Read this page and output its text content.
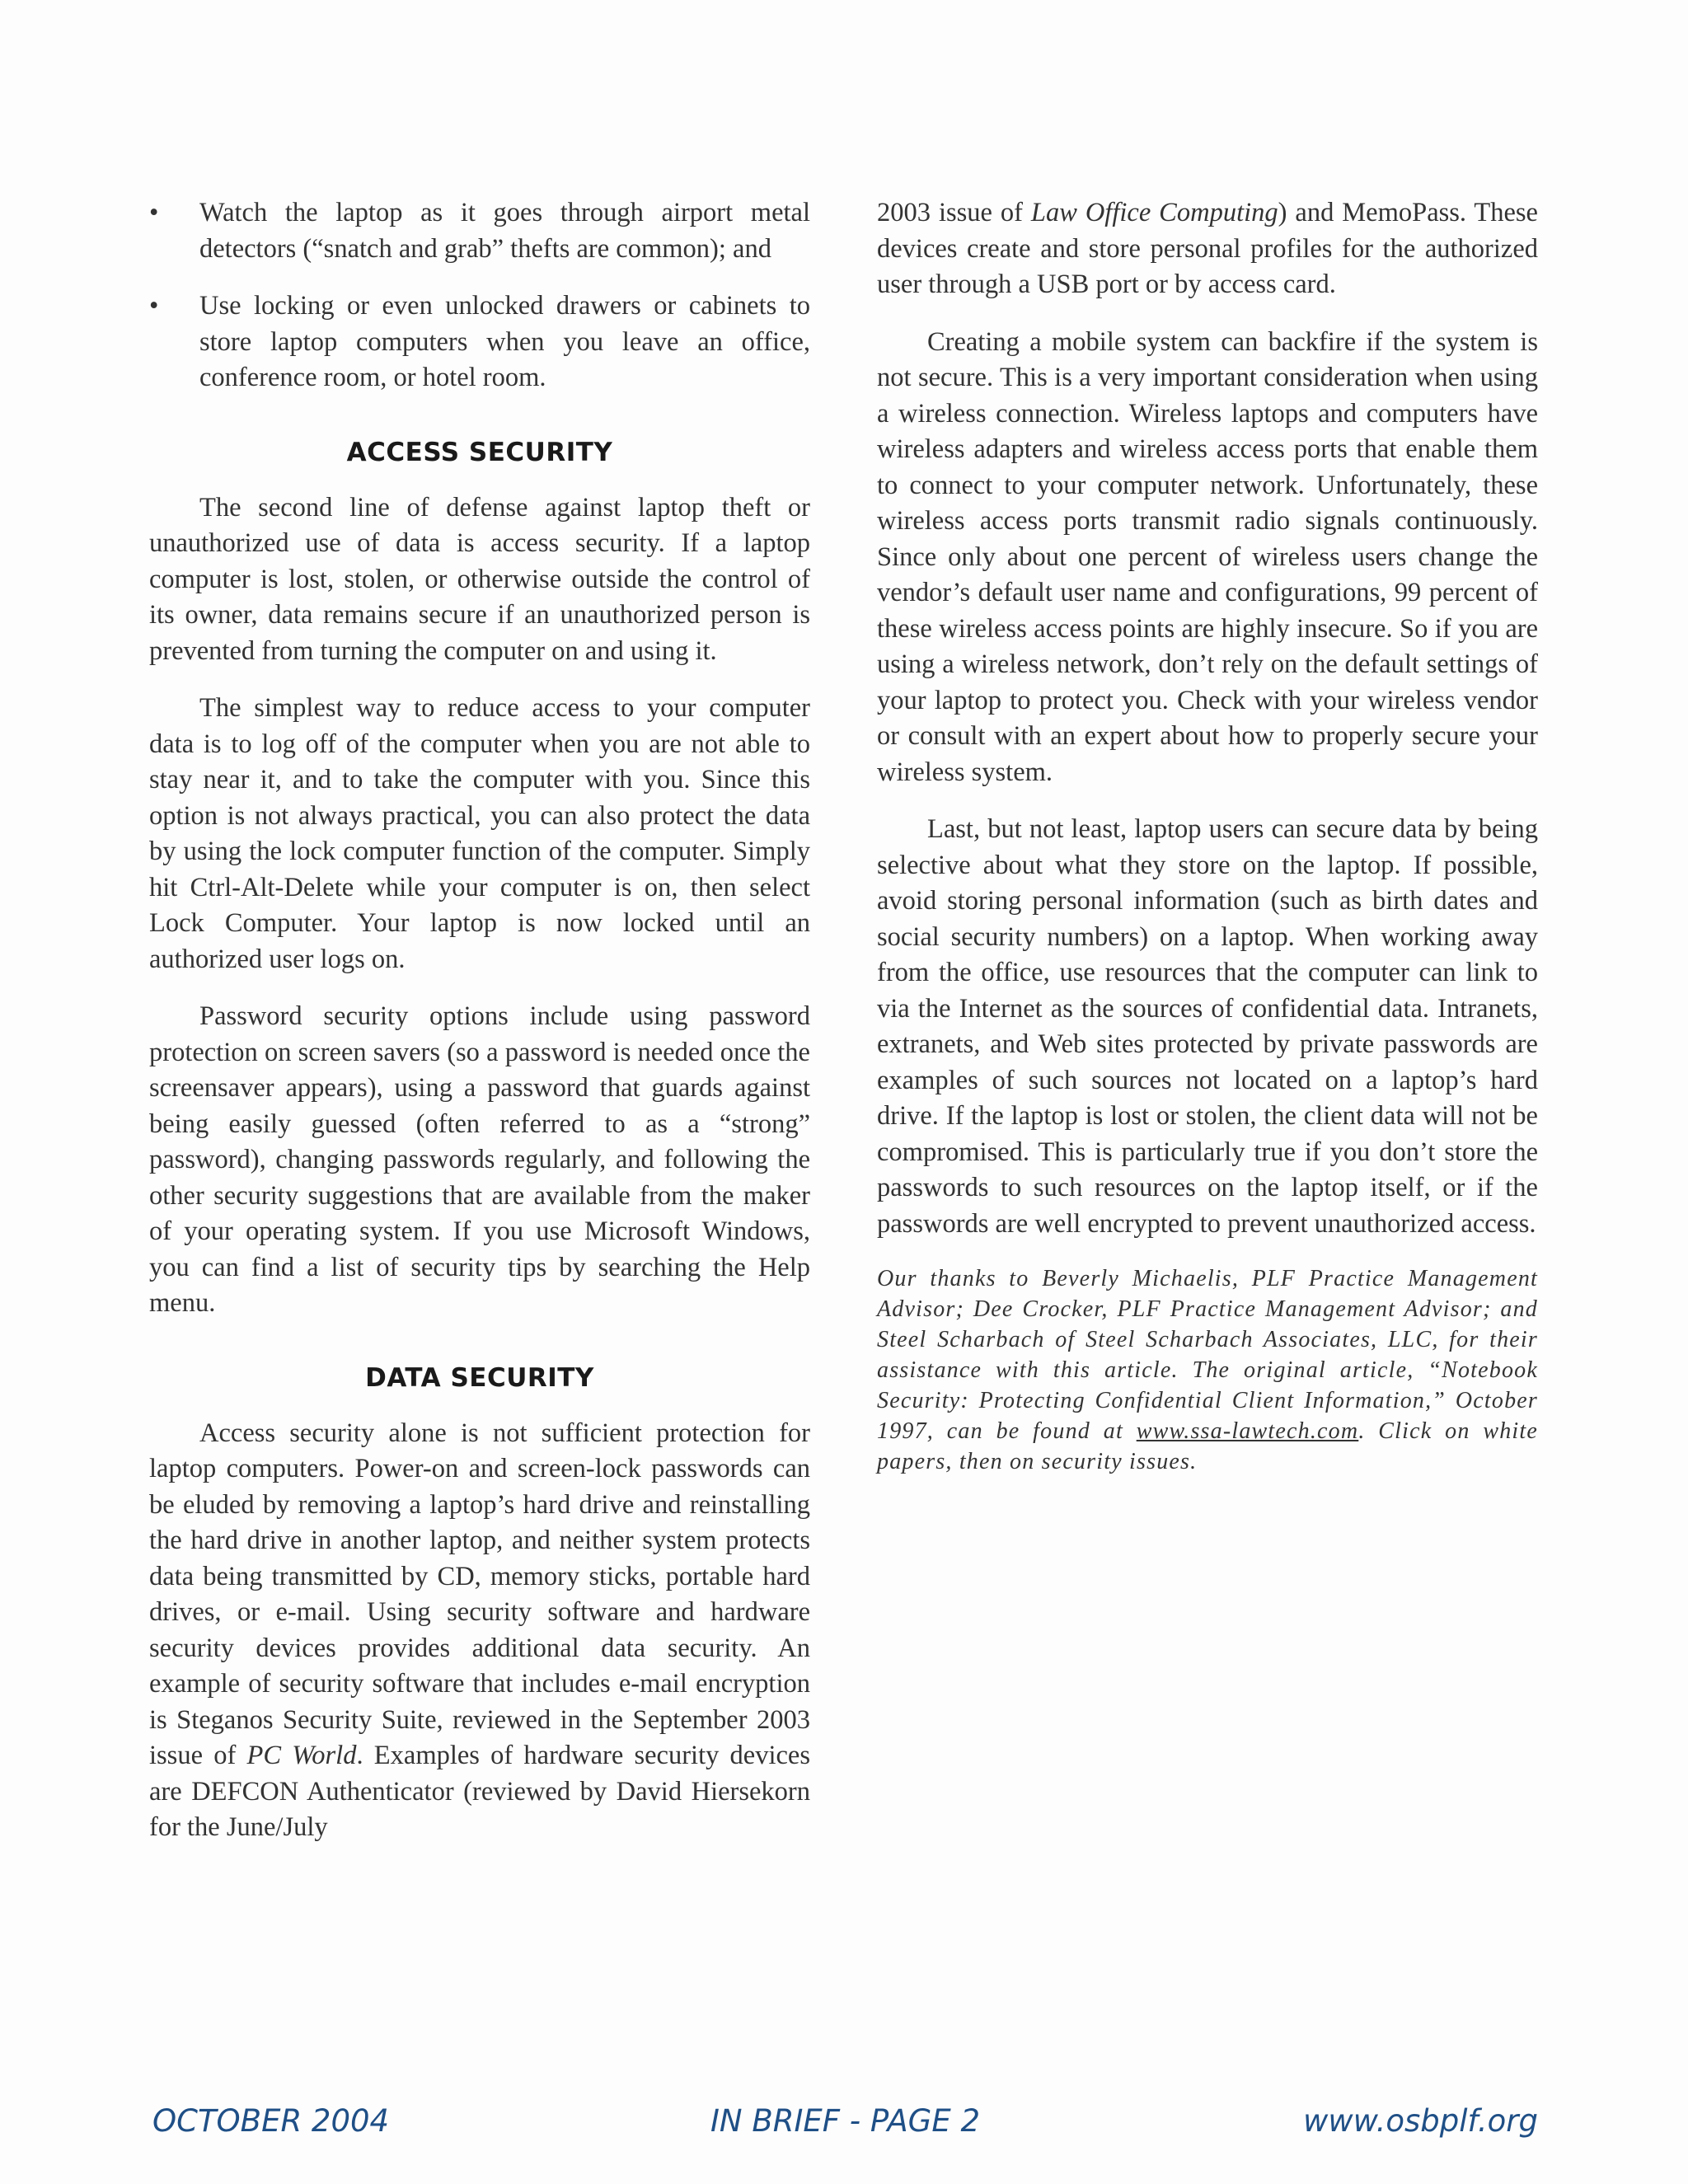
• Watch the laptop as it goes through airport metal detectors (“snatch and grab” thefts are common); and
• Use locking or even unlocked drawers or cabinets to store laptop computers when you leave an office, conference room, or hotel room.
ACCESS SECURITY

The second line of defense against laptop theft or unauthorized use of data is access security. If a laptop computer is lost, stolen, or otherwise outside the control of its owner, data remains secure if an unauthorized person is prevented from turning the computer on and using it.

The simplest way to reduce access to your computer data is to log off of the computer when you are not able to stay near it, and to take the computer with you. Since this option is not always practical, you can also protect the data by using the lock computer function of the computer. Simply hit Ctrl-Alt-Delete while your computer is on, then select Lock Computer. Your laptop is now locked until an authorized user logs on.

Password security options include using password protection on screen savers (so a password is needed once the screensaver appears), using a password that guards against being easily guessed (often referred to as a “strong” password), changing passwords regularly, and following the other security suggestions that are available from the maker of your operating system. If you use Microsoft Windows, you can find a list of security tips by searching the Help menu.

DATA SECURITY

Access security alone is not sufficient protection for laptop computers. Power-on and screen-lock passwords can be eluded by removing a laptop’s hard drive and reinstalling the hard drive in another laptop, and neither system protects data being transmitted by CD, memory sticks, portable hard drives, or e-mail. Using security software and hardware security devices provides additional data security. An example of security software that includes e-mail encryption is Steganos Security Suite, reviewed in the September 2003 issue of PC World. Examples of hardware security devices are DEFCON Authenticator (reviewed by David Hiersekorn for the June/July

2003 issue of Law Office Computing) and MemoPass. These devices create and store personal profiles for the authorized user through a USB port or by access card.

Creating a mobile system can backfire if the system is not secure. This is a very important consideration when using a wireless connection. Wireless laptops and computers have wireless adapters and wireless access ports that enable them to connect to your computer network. Unfortunately, these wireless access ports transmit radio signals continuously. Since only about one percent of wireless users change the vendor’s default user name and configurations, 99 percent of these wireless access points are highly insecure. So if you are using a wireless network, don’t rely on the default settings of your laptop to protect you. Check with your wireless vendor or consult with an expert about how to properly secure your wireless system.

Last, but not least, laptop users can secure data by being selective about what they store on the laptop. If possible, avoid storing personal information (such as birth dates and social security numbers) on a laptop. When working away from the office, use resources that the computer can link to via the Internet as the sources of confidential data. Intranets, extranets, and Web sites protected by private passwords are examples of such sources not located on a laptop’s hard drive. If the laptop is lost or stolen, the client data will not be compromised. This is particularly true if you don’t store the passwords to such resources on the laptop itself, or if the passwords are well encrypted to prevent unauthorized access.

Our thanks to Beverly Michaelis, PLF Practice Management Advisor; Dee Crocker, PLF Practice Management Advisor; and Steel Scharbach of Steel Scharbach Associates, LLC, for their assistance with this article. The original article, “Notebook Security: Protecting Confidential Client Information,” October 1997, can be found at www.ssa-lawtech.com. Click on white papers, then on security issues.
OCTOBER 2004	IN BRIEF - PAGE 2	www.osbplf.org
